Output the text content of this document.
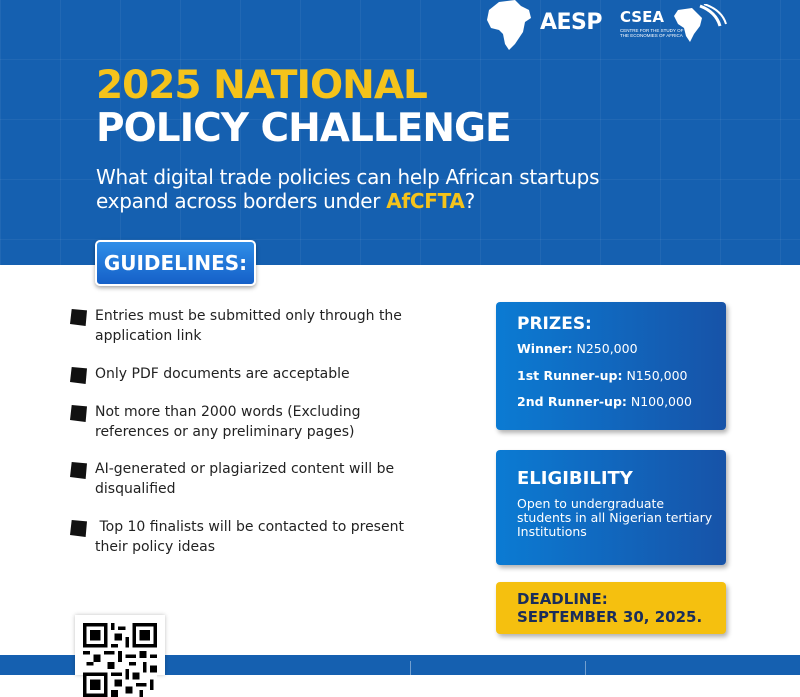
AESP CSEA
CENTRE FOR THE STUDY OF THE ECONOMIES OF AFRICA
2025 NATIONAL
POLICY CHALLENGE
What digital trade policies can help African startups expand across borders under AfCFTA?
GUIDELINES:
Entries must be submitted only through the application link
Only PDF documents are acceptable
Not more than 2000 words (Excluding references or any preliminary pages)
AI-generated or plagiarized content will be disqualified
Top 10 finalists will be contacted to present their policy ideas
PRIZES:
Winner: N250,000
1st Runner-up: N150,000
2nd Runner-up: N100,000
ELIGIBILITY
Open to undergraduate students in all Nigerian tertiary Institutions
DEADLINE:
SEPTEMBER 30, 2025.
